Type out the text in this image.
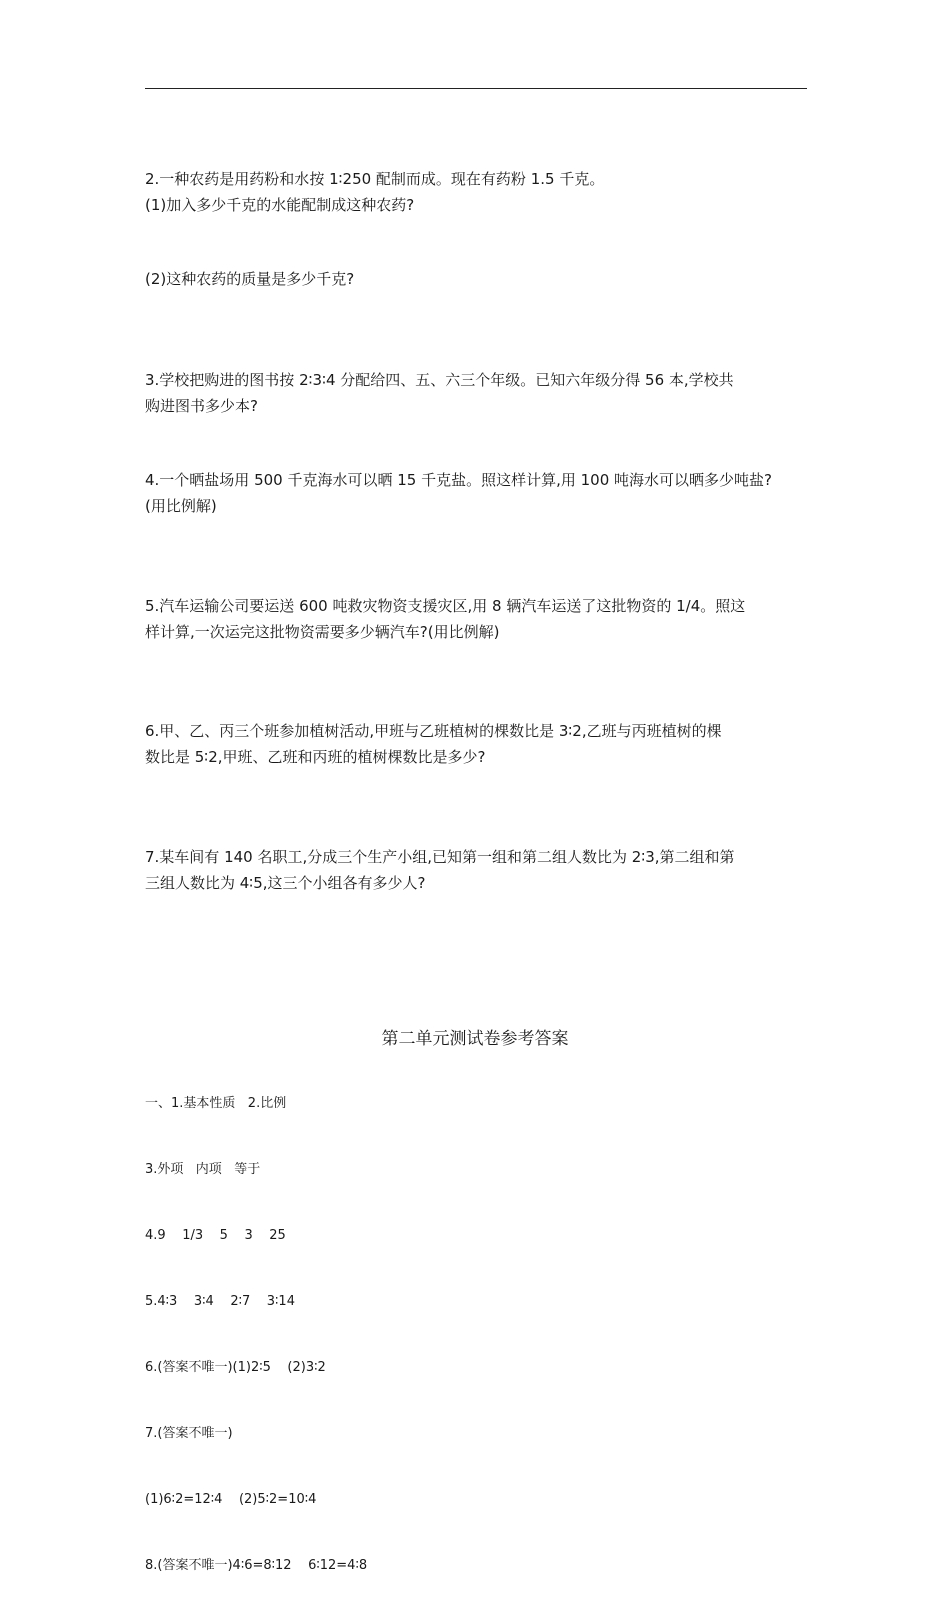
2.一种农药是用药粉和水按 1∶250 配制而成。现在有药粉 1.5 千克。
(1)加入多少千克的水能配制成这种农药?
(2)这种农药的质量是多少千克?
3.学校把购进的图书按 2∶3∶4 分配给四、五、六三个年级。已知六年级分得 56 本,学校共
购进图书多少本?
4.一个晒盐场用 500 千克海水可以晒 15 千克盐。照这样计算,用 100 吨海水可以晒多少吨盐?
(用比例解)
5.汽车运输公司要运送 600 吨救灾物资支援灾区,用 8 辆汽车运送了这批物资的 1/4。照这
样计算,一次运完这批物资需要多少辆汽车?(用比例解)
6.甲、乙、丙三个班参加植树活动,甲班与乙班植树的棵数比是 3∶2,乙班与丙班植树的棵
数比是 5∶2,甲班、乙班和丙班的植树棵数比是多少?
7.某车间有 140 名职工,分成三个生产小组,已知第一组和第二组人数比为 2∶3,第二组和第
三组人数比为 4∶5,这三个小组各有多少人?
第二单元测试卷参考答案

一、1.基本性质   2.比例

3.外项   内项   等于

4.9    1/3    5    3    25

5.4∶3    3∶4    2∶7    3∶14

6.(答案不唯一)(1)2∶5    (2)3∶2

7.(答案不唯一)

(1)6∶2=12∶4    (2)5∶2=10∶4

8.(答案不唯一)4∶6=8∶12    6∶12=4∶8
